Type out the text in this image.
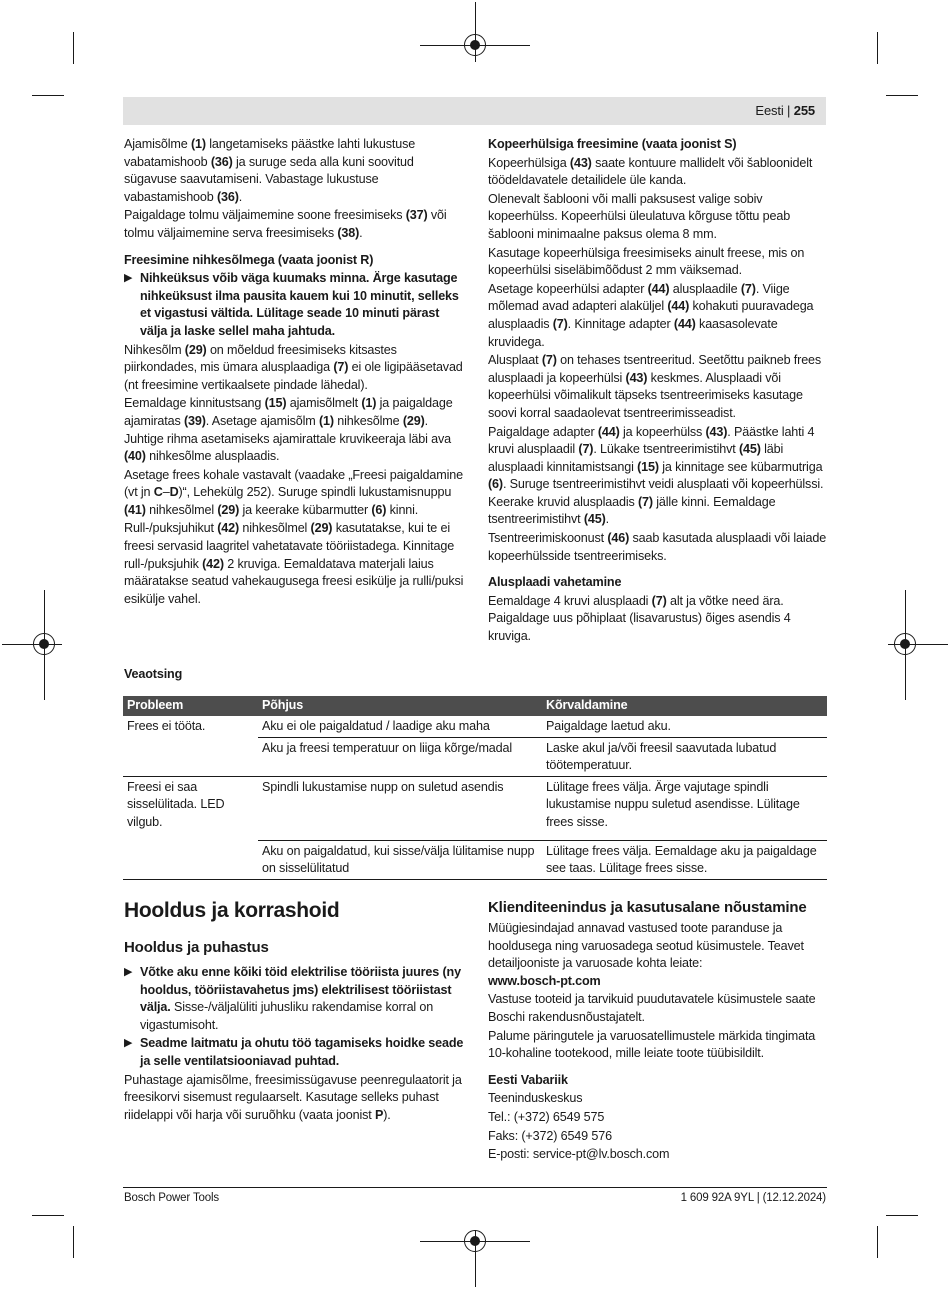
Eesti | 255

Ajamisõlme (1) langetamiseks päästke lahti lukustuse vabatamishoob (36) ja suruge seda alla kuni soovitud sügavuse saavutamiseni. Vabastage lukustuse vabastamishoob (36).

Paigaldage tolmu väljaimemine soone freesimiseks (37) või tolmu väljaimemine serva freesimiseks (38).

Freesimine nihkesõlmega (vaata joonist R)
▶ Nihkeüksus võib väga kuumaks minna. Ärge kasutage nihkeüksust ilma pausita kauem kui 10 minutit, selleks et vigastusi vältida. Lülitage seade 10 minuti pärast välja ja laske sellel maha jahtuda.

Nihkesõlm (29) on mõeldud freesimiseks kitsastes piirkondades, mis ümara alusplaadiga (7) ei ole ligipääsetavad (nt freesimine vertikaalsete pindade lähedal).

Eemaldage kinnitustsang (15) ajamisõlmelt (1) ja paigaldage ajamiratas (39). Asetage ajamisõlm (1) nihkesõlme (29). Juhtige rihma asetamiseks ajamirattale kruvikeeraja läbi ava (40) nihkesõlme alusplaadis.

Asetage frees kohale vastavalt (vaadake „Freesi paigaldamine (vt jn C–D)“, Lehekülg 252). Suruge spindli lukustamisnuppu (41) nihkesõlmel (29) ja keerake kübarmutter (6) kinni.

Rull-/puksjuhikut (42) nihkesõlmel (29) kasutatakse, kui te ei freesi servasid laagritel vahetatavate tööriistadega. Kinnitage rull-/puksjuhik (42) 2 kruviga. Eemaldatava materjali laius määratakse seatud vahekaugusega freesi esikülje ja rulli/puksi esikülje vahel.

Kopeerhülsiga freesimine (vaata joonist S)

Kopeerhülsiga (43) saate kontuure mallidelt või šabloonidelt töödeldavatele detailidele üle kanda.

Olenevalt šablooni või malli paksusest valige sobiv kopeerhülss. Kopeerhülsi üleulatuva kõrguse tõttu peab šablooni minimaalne paksus olema 8 mm.

Kasutage kopeerhülsiga freesimiseks ainult freese, mis on kopeerhülsi siseläbimõõdust 2 mm väiksemad.

Asetage kopeerhülsi adapter (44) alusplaadile (7). Viige mõlemad avad adapteri alaküljel (44) kohakuti puuravadega alusplaadis (7). Kinnitage adapter (44) kaasasolevate kruvidega.

Alusplaat (7) on tehases tsentreeritud. Seetõttu paikneb frees alusplaadi ja kopeerhülsi (43) keskmes. Alusplaadi või kopeerhülsi võimalikult täpseks tsentreerimiseks kasutage soovi korral saadaolevat tsentreerimisseadist.

Paigaldage adapter (44) ja kopeerhülss (43). Päästke lahti 4 kruvi alusplaadil (7). Lükake tsentreerimistihvt (45) läbi alusplaadi kinnitamistsangi (15) ja kinnitage see kübarmutriga (6). Suruge tsentreerimistihvt veidi alusplaati või kopeerhülssi. Keerake kruvid alusplaadis (7) jälle kinni. Eemaldage tsentreerimistihvt (45).

Tsentreerimiskoonust (46) saab kasutada alusplaadi või laiade kopeerhülsside tsentreerimiseks.

Alusplaadi vahetamine

Eemaldage 4 kruvi alusplaadi (7) alt ja võtke need ära. Paigaldage uus põhiplaat (lisavarustus) õiges asendis 4 kruviga.

Veaotsing
Probleem	Põhjus	Kõrvaldamine
Frees ei tööta.	Aku ei ole paigaldatud / laadige aku maha	Paigaldage laetud aku.
	Aku ja freesi temperatuur on liiga kõrge/madal	Laske akul ja/või freesil saavutada lubatud töötemperatuur.
Freesi ei saa sisselülitada. LED vilgub.	Spindli lukustamise nupp on suletud asendis	Lülitage frees välja. Ärge vajutage spindli lukustamise nuppu suletud asendisse. Lülitage frees sisse.
	Aku on paigaldatud, kui sisse/välja lülitamise nupp on sisselülitatud	Lülitage frees välja. Eemaldage aku ja paigaldage see taas. Lülitage frees sisse.
Hooldus ja korrashoid
Hooldus ja puhastus
▶ Võtke aku enne kõiki töid elektrilise tööriista juures (ny hooldus, tööriistavahetus jms) elektrilisest tööriistast välja. Sisse-/väljalüliti juhusliku rakendamise korral on vigastumisoht.
▶ Seadme laitmatu ja ohutu töö tagamiseks hoidke seade ja selle ventilatsiooniavad puhtad.

Puhastage ajamisõlme, freesimissügavuse peenregulaatorit ja freesikorvi sisemust regulaarselt. Kasutage selleks puhast riidelappi või harja või suruõhku (vaata joonist P).

Klienditeenindus ja kasutusalane nõustamine

Müügiesindajad annavad vastused toote paranduse ja hooldusega ning varuosadega seotud küsimustele. Teavet detailjooniste ja varuosade kohta leiate:

www.bosch-pt.com

Vastuse tooteid ja tarvikuid puudutavatele küsimustele saate Boschi rakendusnõustajatelt.

Palume päringutele ja varuosatellimustele märkida tingimata 10-kohaline tootekood, mille leiate toote tüübisildilt.

Eesti Vabariik

Teeninduskeskus

Tel.: (+372) 6549 575

Faks: (+372) 6549 576

E-posti: service-pt@lv.bosch.com

Bosch Power Tools	1 609 92A 9YL | (12.12.2024)
